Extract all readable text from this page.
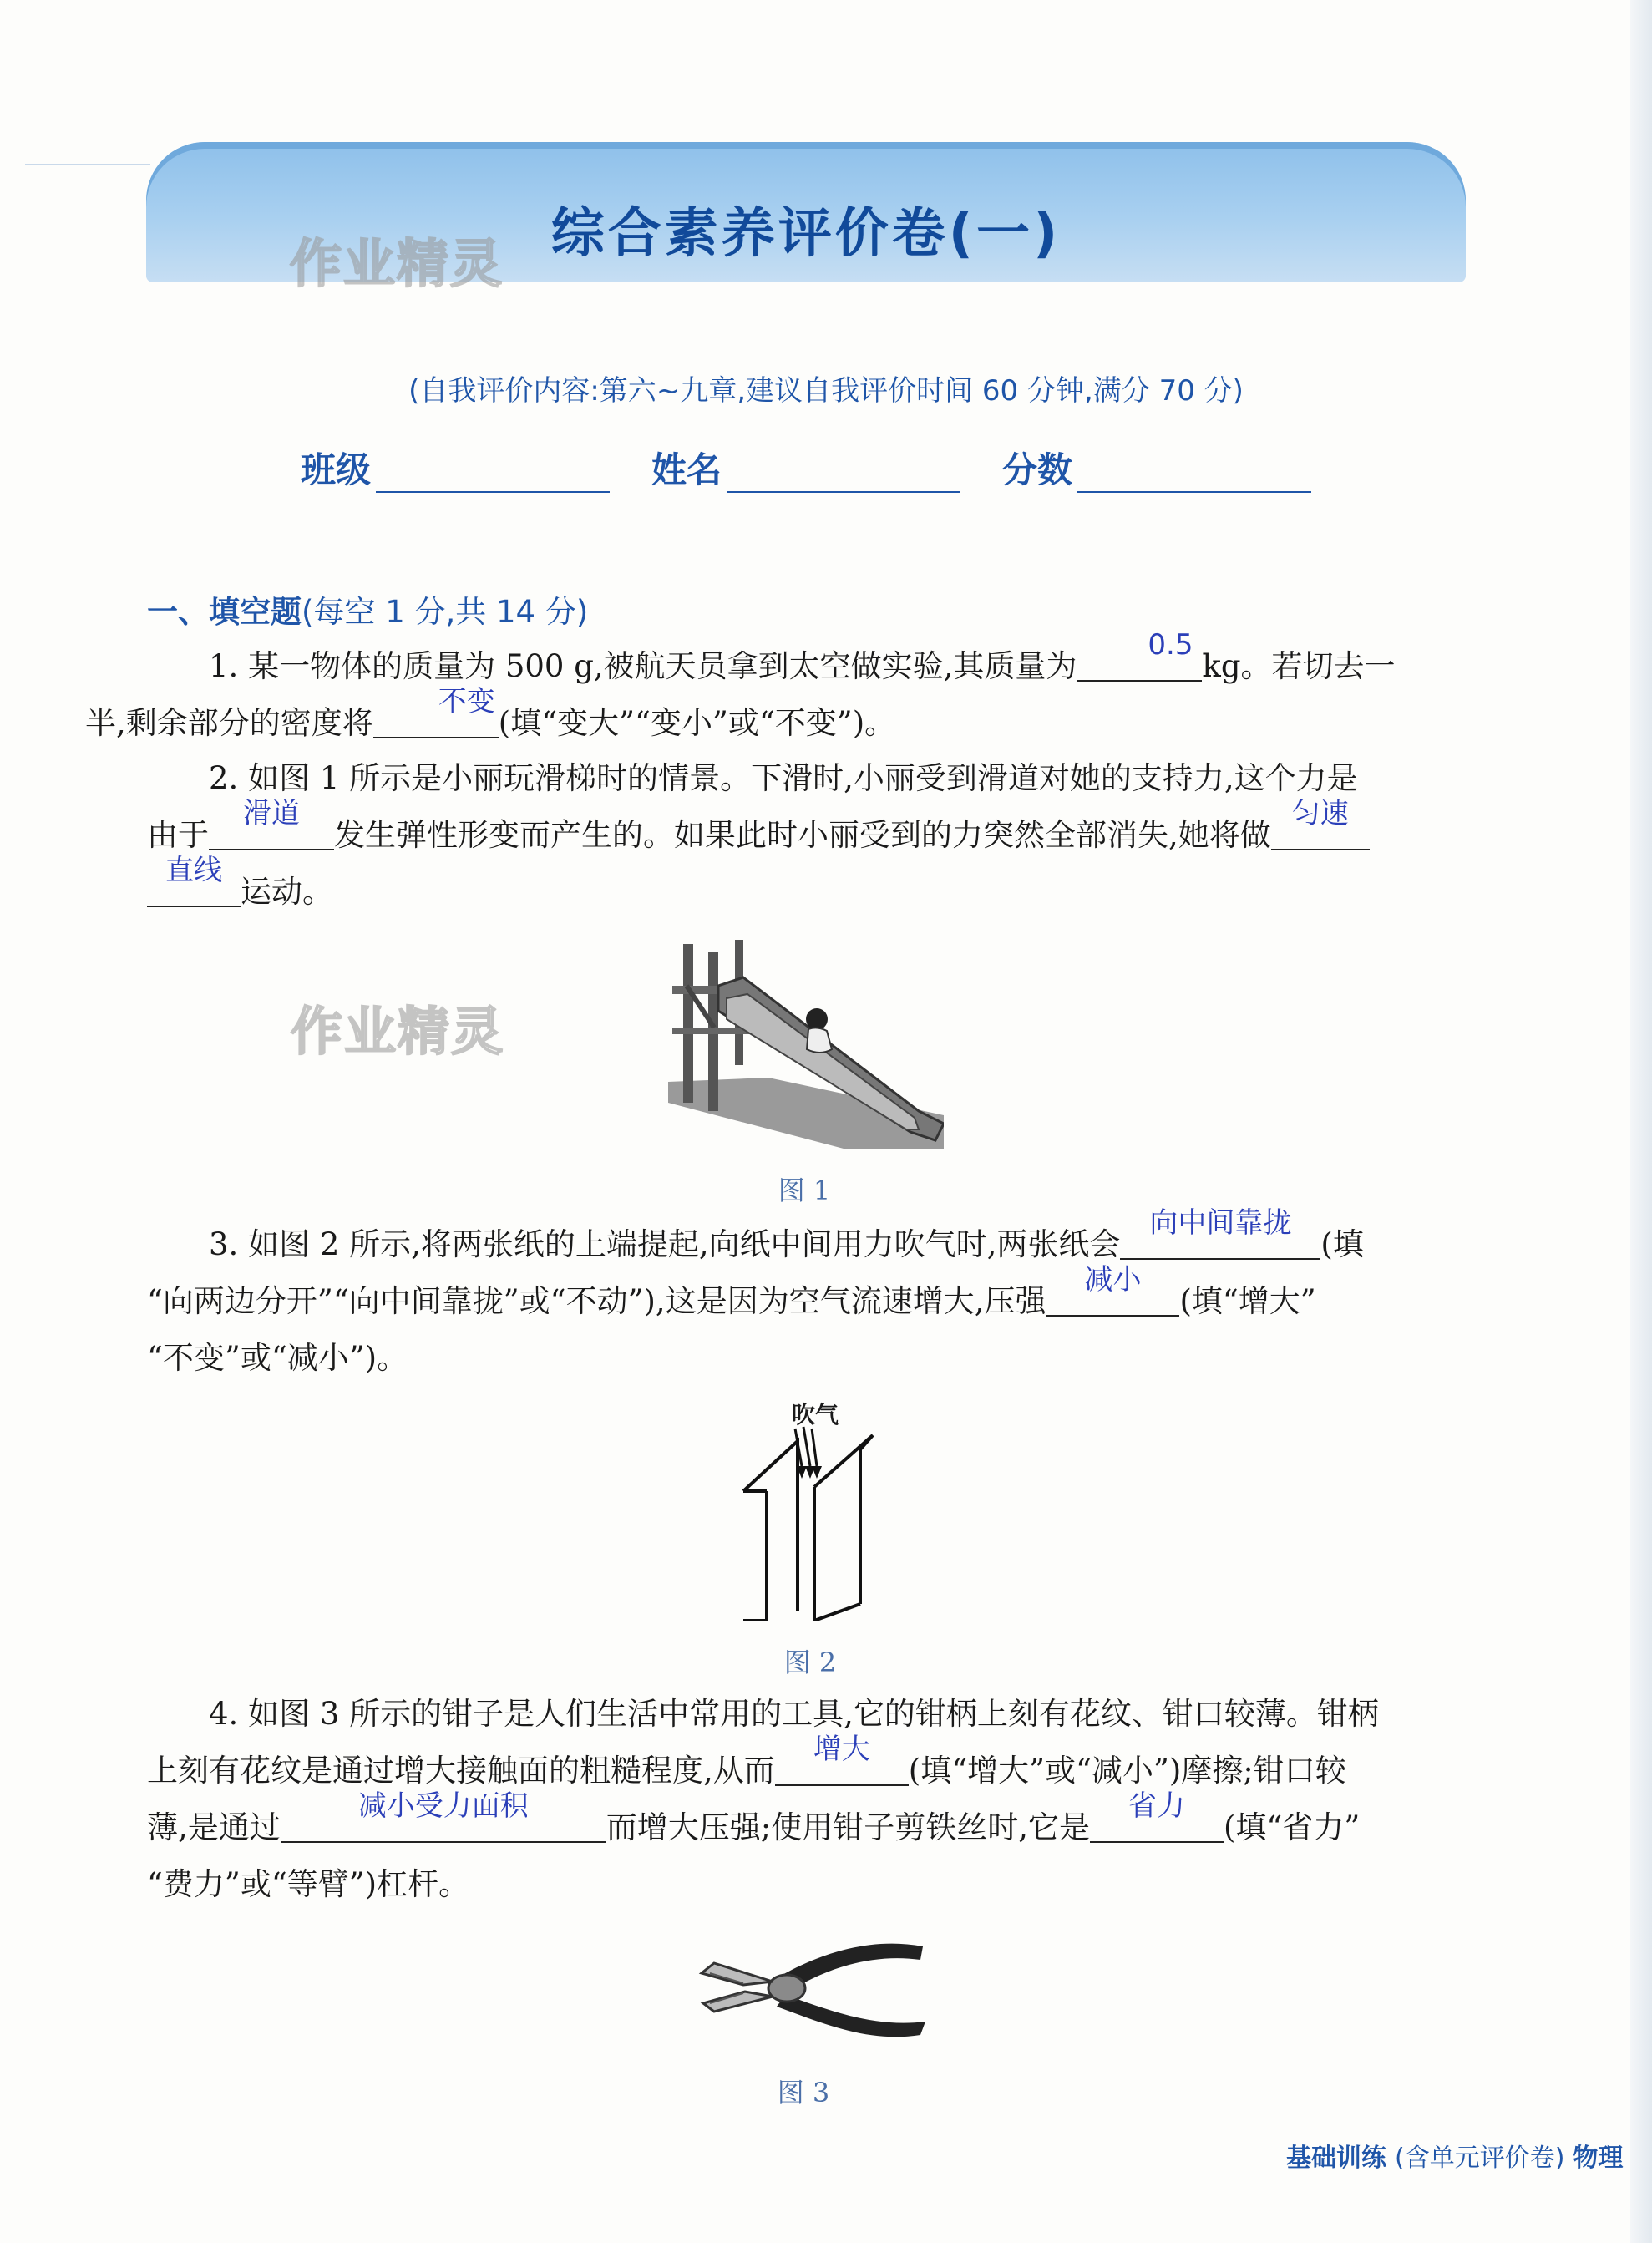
综合素养评价卷(一)
作业精灵
(自我评价内容:第六~九章,建议自我评价时间 60 分钟,满分 70 分)
班级	姓名	分数
一、填空题(每空 1 分,共 14 分)
1. 某一物体的质量为 500 g,被航天员拿到太空做实验,其质量为
0.5
kg。若切去一
半,剩余部分的密度将
不变
(填“变大”“变小”或“不变”)。
2. 如图 1 所示是小丽玩滑梯时的情景。下滑时,小丽受到滑道对她的支持力,这个力是
由于
滑道
发生弹性形变而产生的。如果此时小丽受到的力突然全部消失,她将做
匀速
直线
运动。
作业精灵
图 1
3. 如图 2 所示,将两张纸的上端提起,向纸中间用力吹气时,两张纸会
向中间靠拢
(填
“向两边分开”“向中间靠拢”或“不动”),这是因为空气流速增大,压强
减小
(填“增大”
“不变”或“减小”)。
吹气
图 2
4. 如图 3 所示的钳子是人们生活中常用的工具,它的钳柄上刻有花纹、钳口较薄。钳柄
上刻有花纹是通过增大接触面的粗糙程度,从而
增大
(填“增大”或“减小”)摩擦;钳口较
薄,是通过
减小受力面积
而增大压强;使用钳子剪铁丝时,它是
省力
(填“省力”
“费力”或“等臂”)杠杆。
图 3
基础训练 (含单元评价卷) 物理
